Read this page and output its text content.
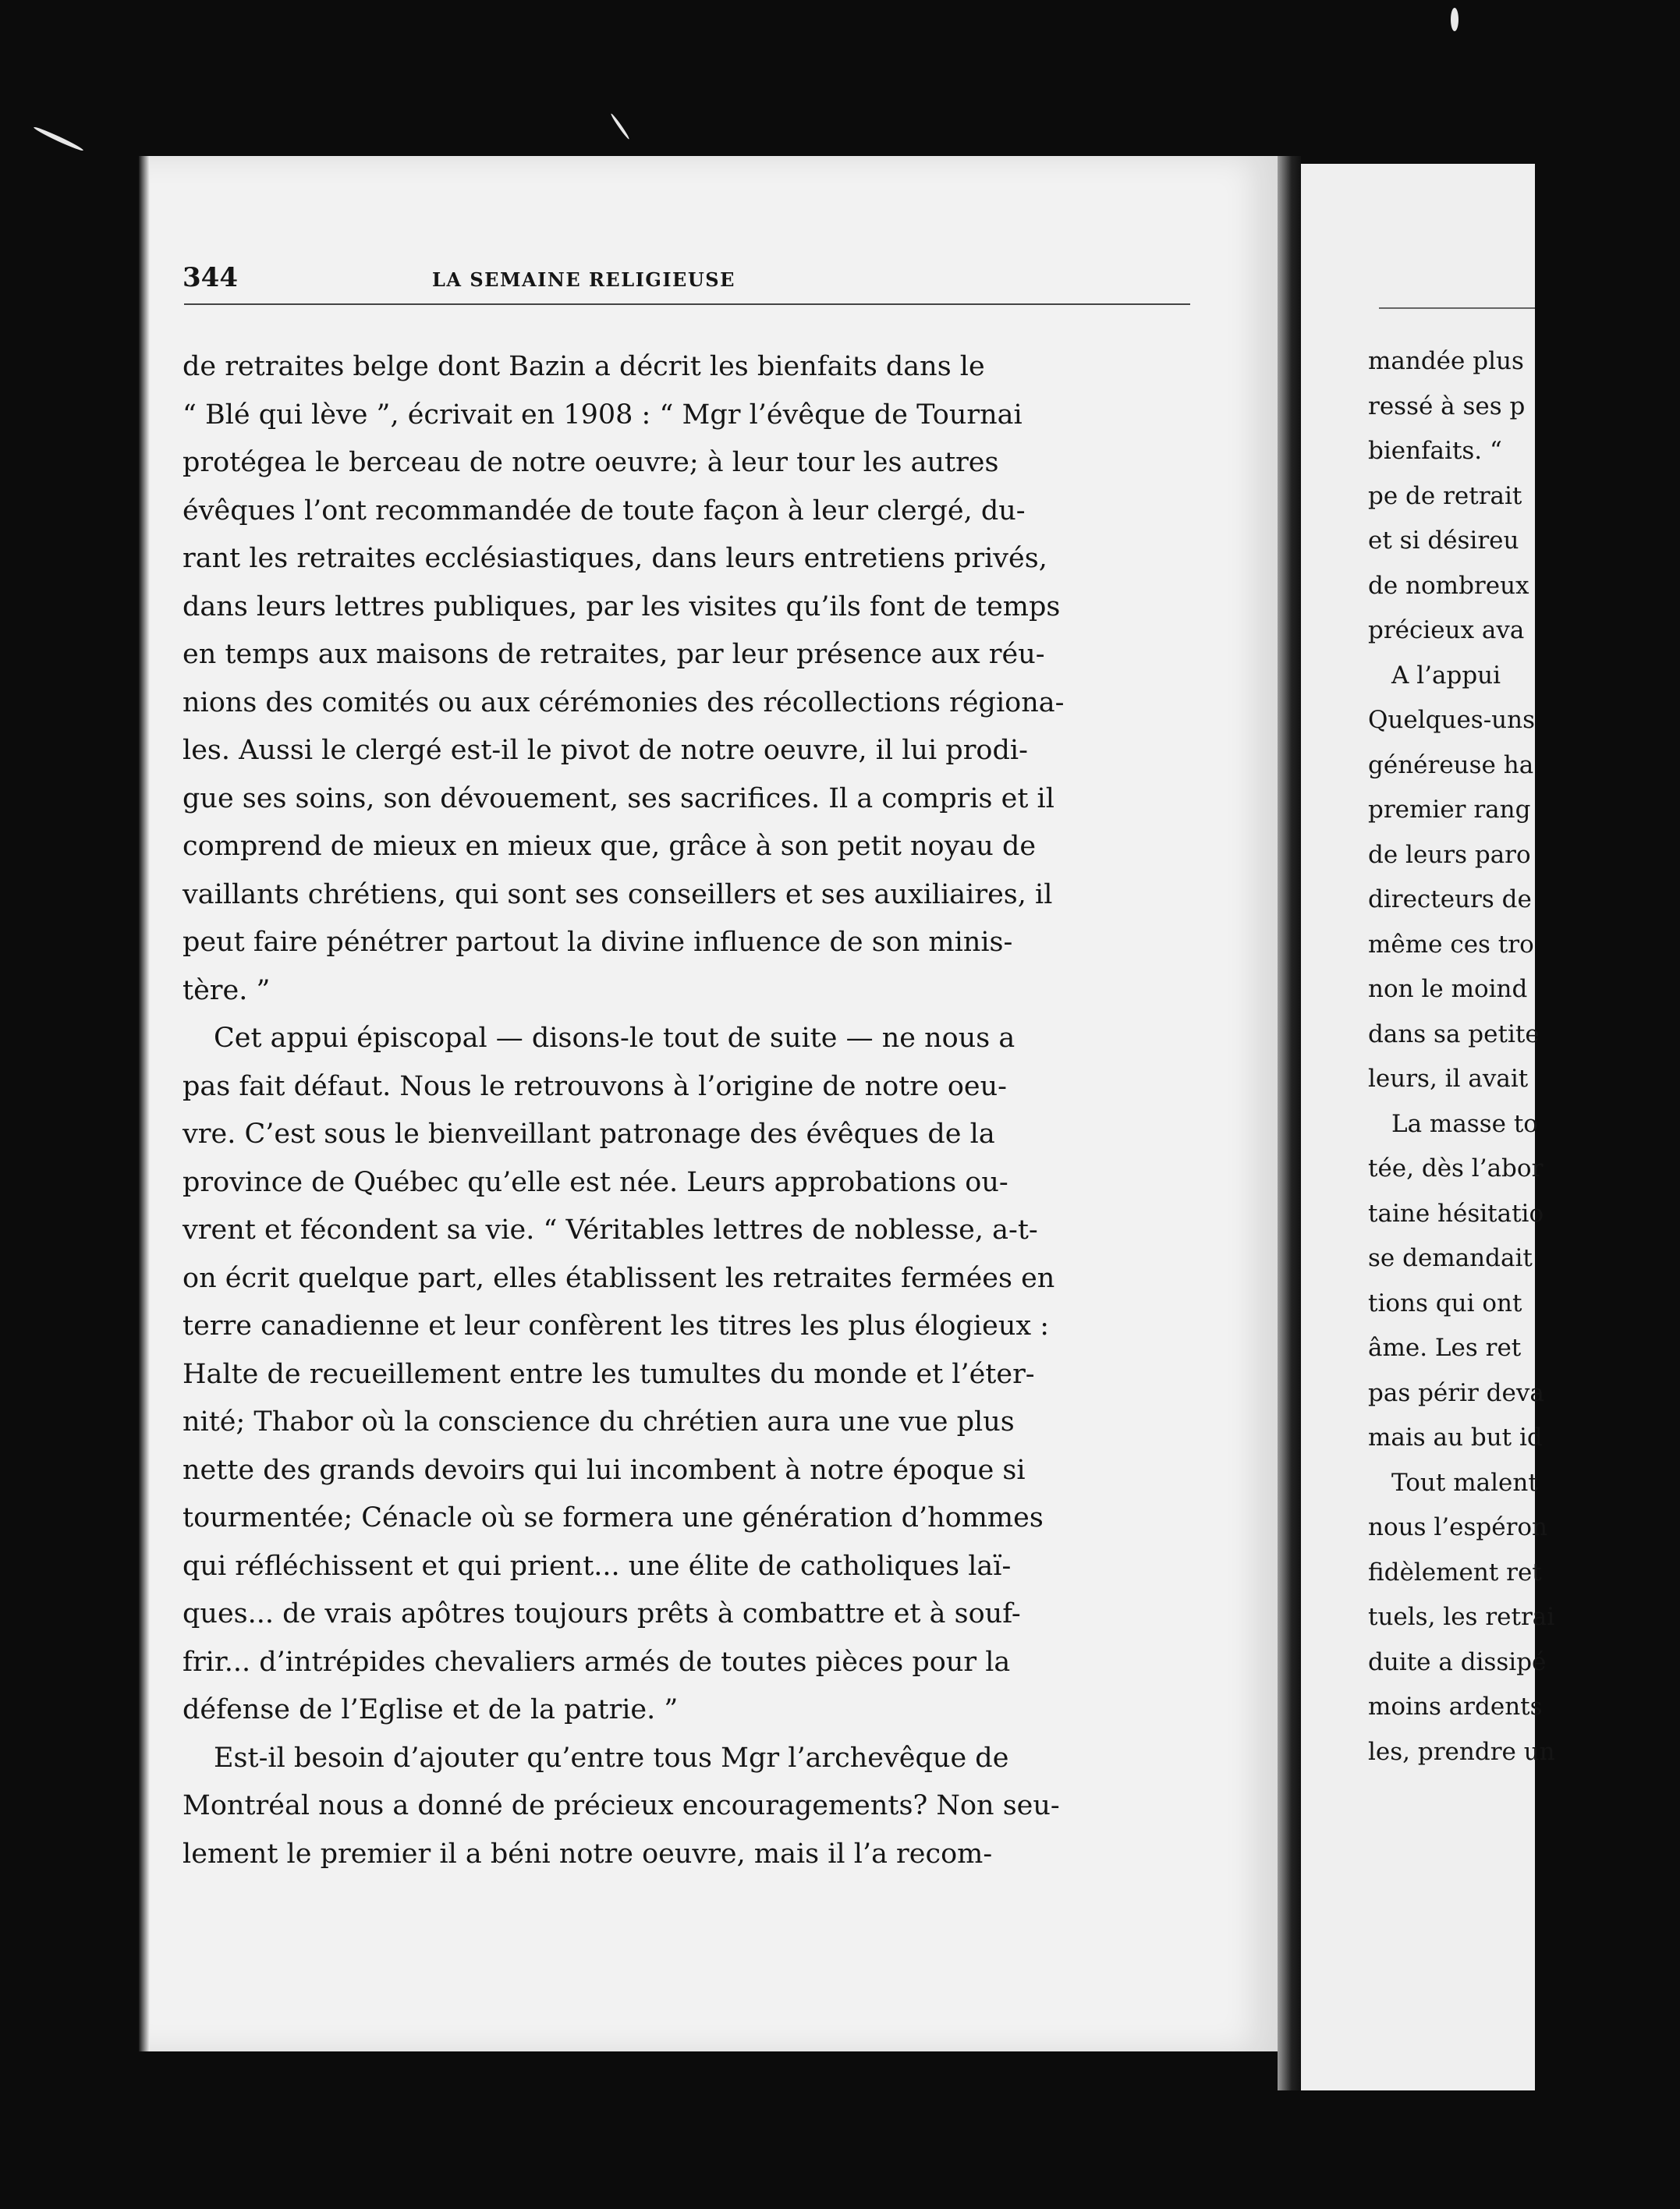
mandée plus
ressé à ses p
bienfaits. “
pe de retrait
et si désireu
de nombreux
précieux ava
A l’appui
Quelques-uns
généreuse ha
premier rang
de leurs paro
directeurs de
même ces tro
non le moind
dans sa petite
leurs, il avait
La masse to
tée, dès l’abor
taine hésitatio
se demandait
tions qui ont
âme. Les ret
pas périr deva
mais au but id
Tout malent
nous l’espéron
fidèlement ret
tuels, les retrai
duite a dissipé
moins ardents
les, prendre un
344	LA SEMAINE RELIGIEUSE
de retraites belge dont Bazin a décrit les bienfaits dans le
“ Blé qui lève ”, écrivait en 1908 : “ Mgr l’évêque de Tournai
protégea le berceau de notre oeuvre; à leur tour les autres
évêques l’ont recommandée de toute façon à leur clergé, du-
rant les retraites ecclésiastiques, dans leurs entretiens privés,
dans leurs lettres publiques, par les visites qu’ils font de temps
en temps aux maisons de retraites, par leur présence aux réu-
nions des comités ou aux cérémonies des récollections régiona-
les. Aussi le clergé est-il le pivot de notre oeuvre, il lui prodi-
gue ses soins, son dévouement, ses sacrifices. Il a compris et il
comprend de mieux en mieux que, grâce à son petit noyau de
vaillants chrétiens, qui sont ses conseillers et ses auxiliaires, il
peut faire pénétrer partout la divine influence de son minis-
tère. ”
Cet appui épiscopal — disons-le tout de suite — ne nous a
pas fait défaut. Nous le retrouvons à l’origine de notre oeu-
vre. C’est sous le bienveillant patronage des évêques de la
province de Québec qu’elle est née. Leurs approbations ou-
vrent et fécondent sa vie. “ Véritables lettres de noblesse, a-t-
on écrit quelque part, elles établissent les retraites fermées en
terre canadienne et leur confèrent les titres les plus élogieux :
Halte de recueillement entre les tumultes du monde et l’éter-
nité; Thabor où la conscience du chrétien aura une vue plus
nette des grands devoirs qui lui incombent à notre époque si
tourmentée; Cénacle où se formera une génération d’hommes
qui réfléchissent et qui prient... une élite de catholiques laï-
ques... de vrais apôtres toujours prêts à combattre et à souf-
frir... d’intrépides chevaliers armés de toutes pièces pour la
défense de l’Eglise et de la patrie. ”
Est-il besoin d’ajouter qu’entre tous Mgr l’archevêque de
Montréal nous a donné de précieux encouragements? Non seu-
lement le premier il a béni notre oeuvre, mais il l’a recom-
